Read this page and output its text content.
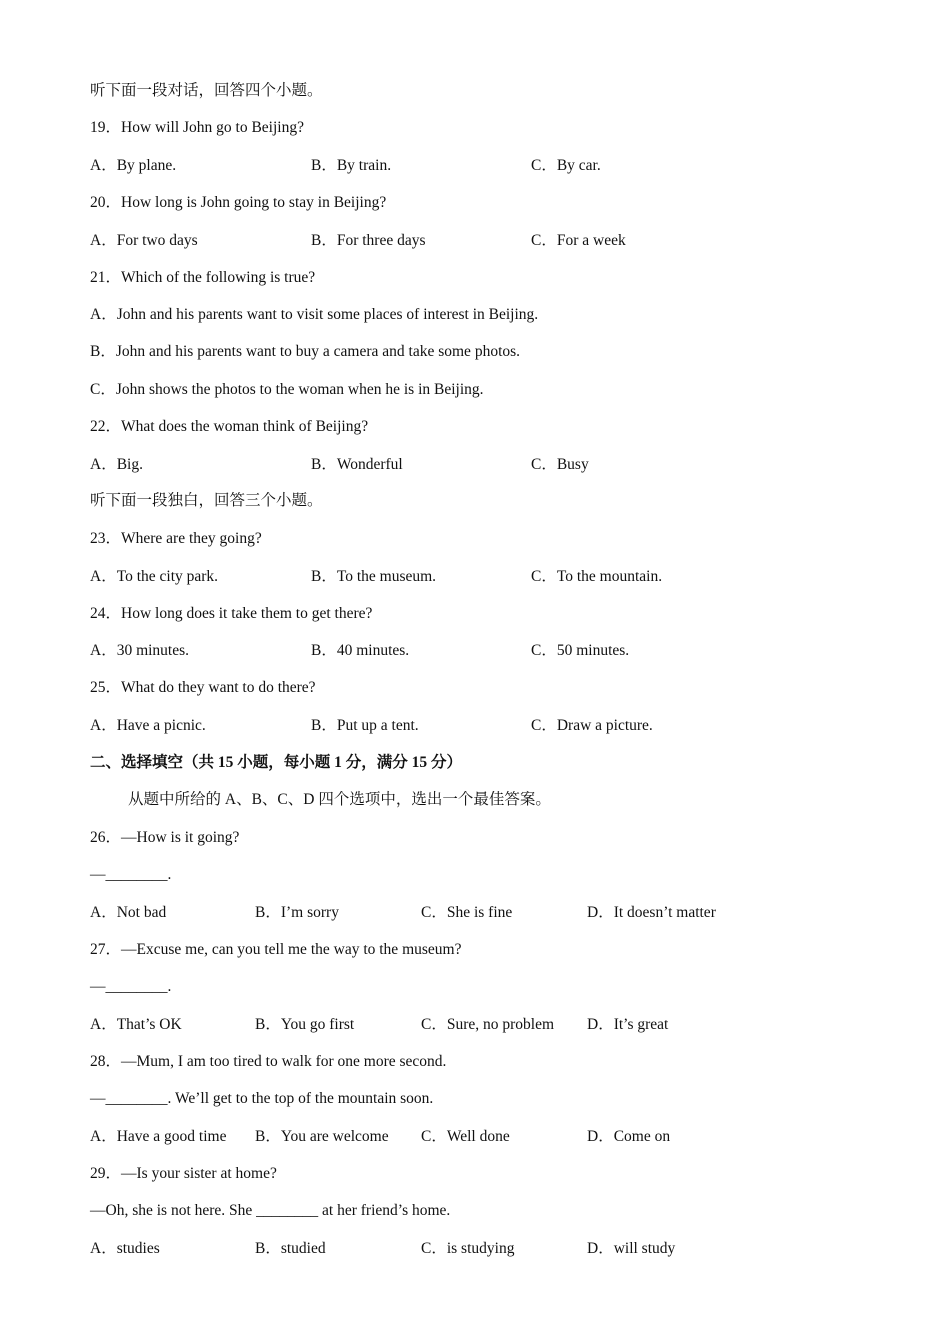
听下面一段对话，回答四个小题。
19．How will John go to Beijing?
A．By plane.	B．By train.	C．By car.
20．How long is John going to stay in Beijing?
A．For two days	B．For three days	C．For a week
21．Which of the following is true?
A．John and his parents want to visit some places of interest in Beijing.
B．John and his parents want to buy a camera and take some photos.
C．John shows the photos to the woman when he is in Beijing.
22．What does the woman think of Beijing?
A．Big.	B．Wonderful	C．Busy
听下面一段独白，回答三个小题。
23．Where are they going?
A．To the city park.	B．To the museum.	C．To the mountain.
24．How long does it take them to get there?
A．30 minutes.	B．40 minutes.	C．50 minutes.
25．What do they want to do there?
A．Have a picnic.	B．Put up a tent.	C．Draw a picture.
二、选择填空（共 15 小题，每小题 1 分，满分 15 分）
从题中所给的 A、B、C、D 四个选项中，选出一个最佳答案。
26．—How is it going?
—________.
A．Not bad	B．I’m sorry	C．She is fine	D．It doesn’t matter
27．—Excuse me, can you tell me the way to the museum?
—________.
A．That’s OK	B．You go first	C．Sure, no problem D．It’s great
28．—Mum, I am too tired to walk for one more second.
—________. We’ll get to the top of the mountain soon.
A．Have a good time B．You are welcome C．Well done	D．Come on
29．—Is your sister at home?
—Oh, she is not here. She ________ at her friend’s home.
A．studies	B．studied	C．is studying	D．will study
